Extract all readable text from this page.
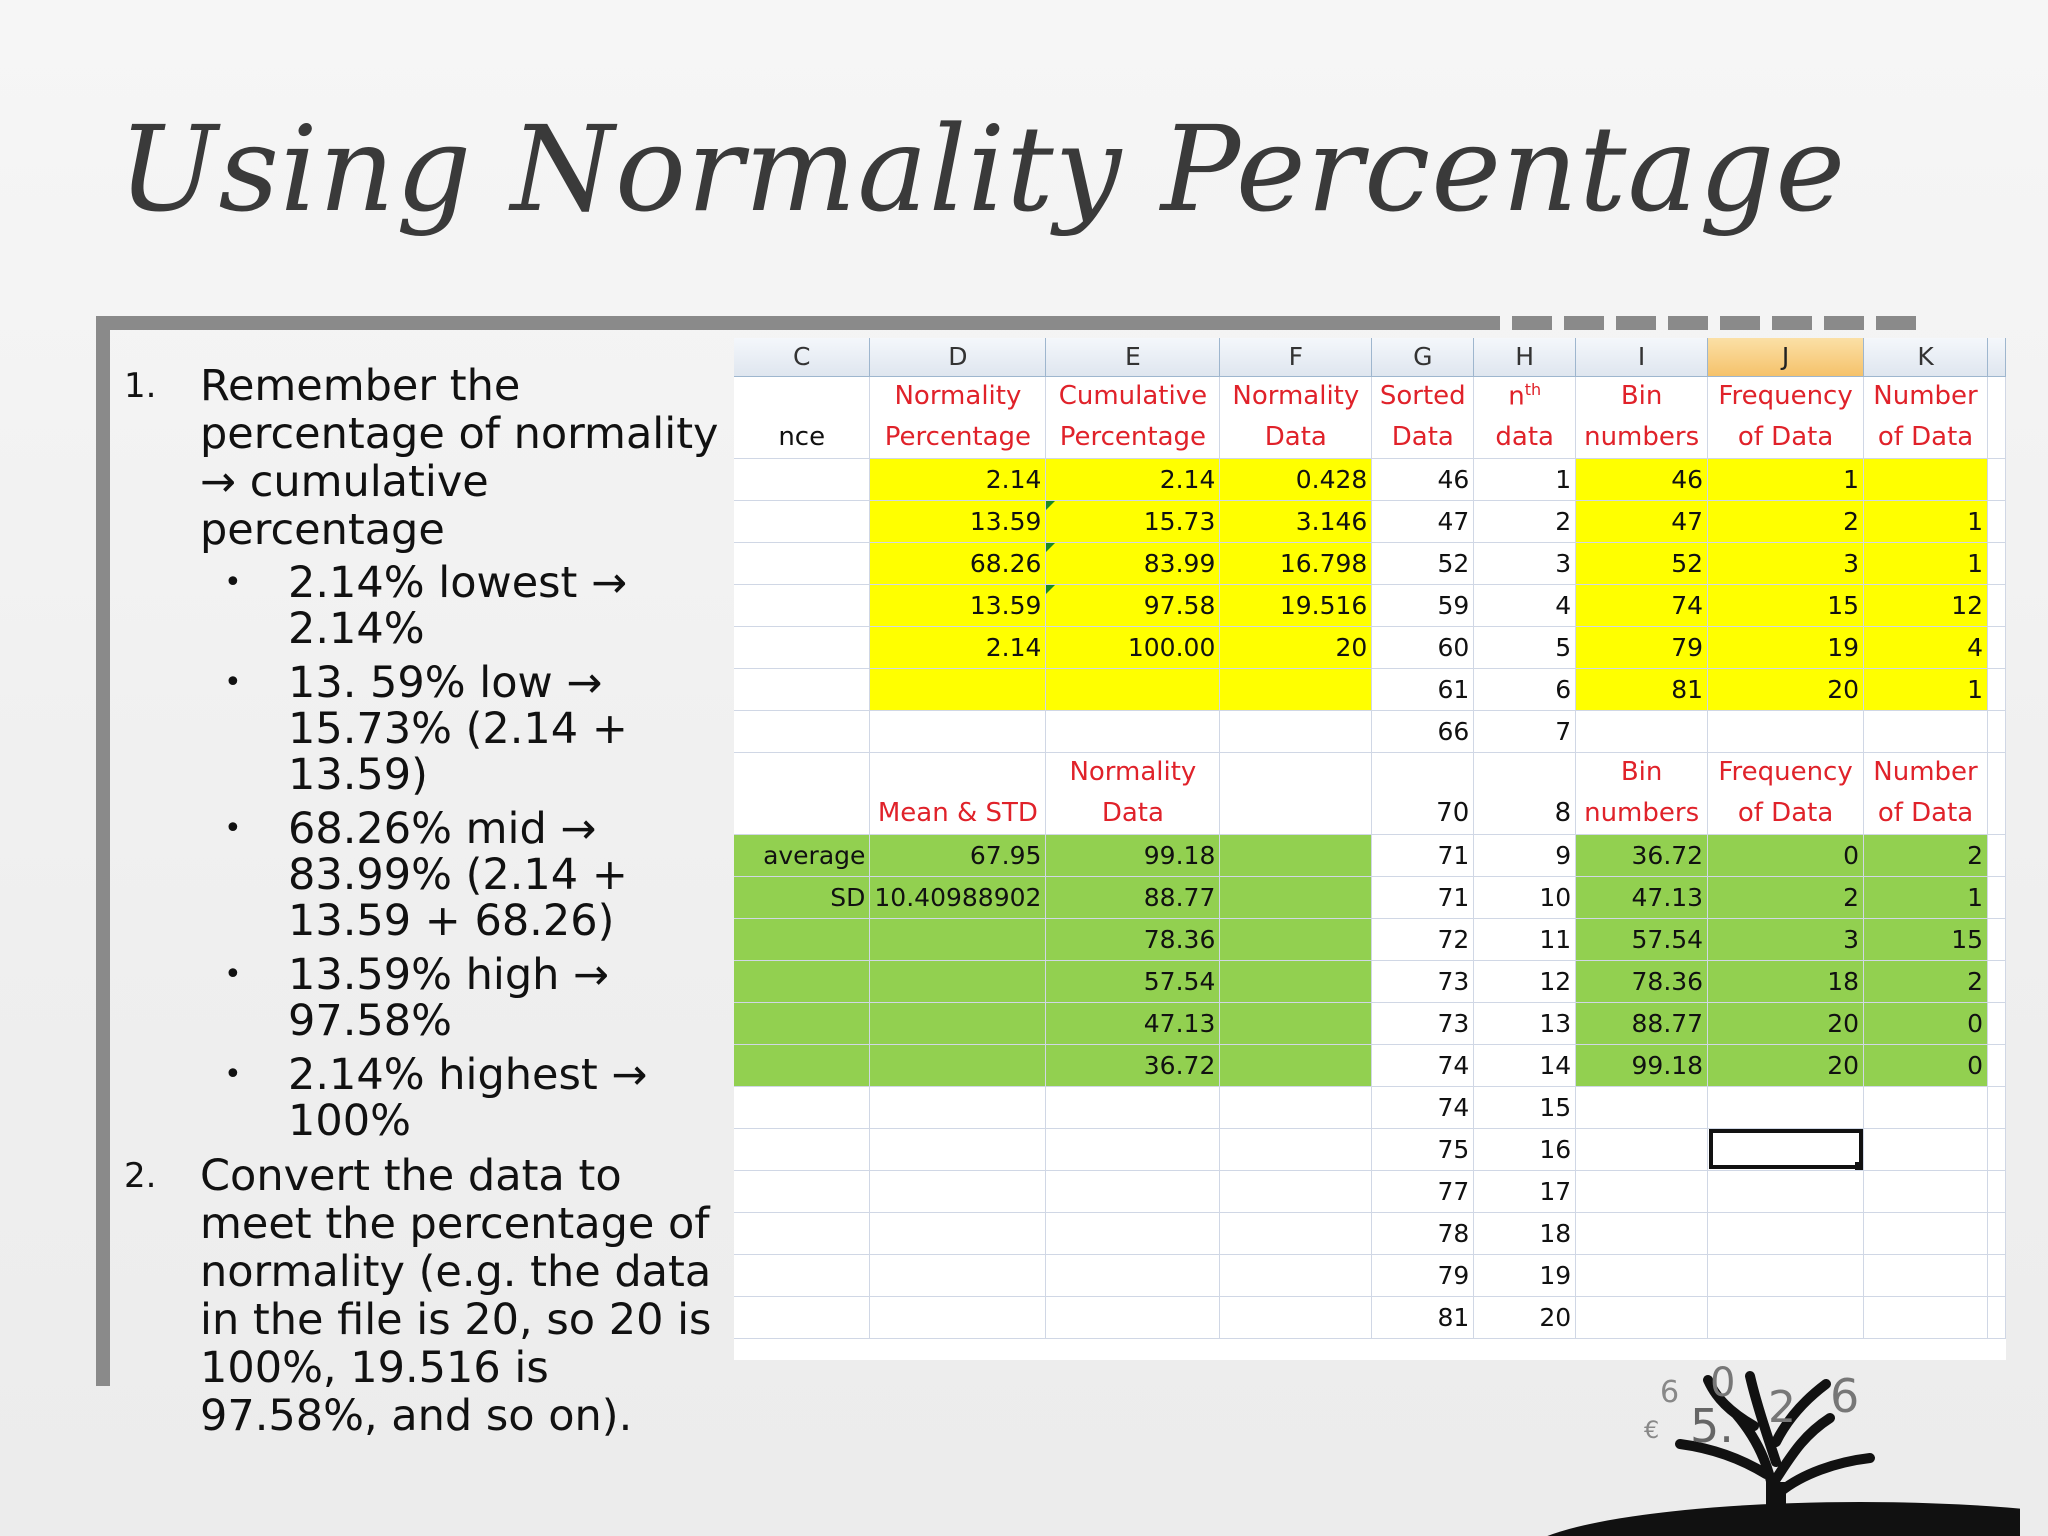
Using Normality Percentage
1. Remember the percentage of normality → cumulative percentage
• 2.14% lowest → 2.14%
• 13. 59% low → 15.73% (2.14 + 13.59)
• 68.26% mid → 83.99% (2.14 + 13.59 + 68.26)
• 13.59% high → 97.58%
• 2.14% highest → 100%
2. Convert the data to meet the percentage of normality (e.g. the data in the file is 20, so 20 is 100%, 19.516 is 97.58%, and so on).
C	D	E	F	G	H	I	J	K	
	Normality	Cumulative	Normality	Sorted	$n^{th}$	Bin	Frequency	Number	
nce	Percentage	Percentage	Data	Data	data	numbers	of Data	of Data	
	2.14	2.14	0.428	46	1	46	1		
	13.59	15.73	3.146	47	2	47	2	1	
	68.26	83.99	16.798	52	3	52	3	1	
	13.59	97.58	19.516	59	4	74	15	12	
	2.14	100.00	20	60	5	79	19	4	
				61	6	81	20	1	
				66	7				
		Normality				Bin	Frequency	Number	
	Mean & STD	Data		70	8	numbers	of Data	of Data	
average	67.95	99.18		71	9	36.72	0	2	
SD	10.40988902	88.77		71	10	47.13	2	1	
		78.36		72	11	57.54	3	15	
		57.54		73	12	78.36	18	2	
		47.13		73	13	88.77	20	0	
		36.72		74	14	99.18	20	0	
				74	15				
				75	16				
				77	17				
				78	18				
				79	19				
				81	20				
6 0
5. 2 6
€
